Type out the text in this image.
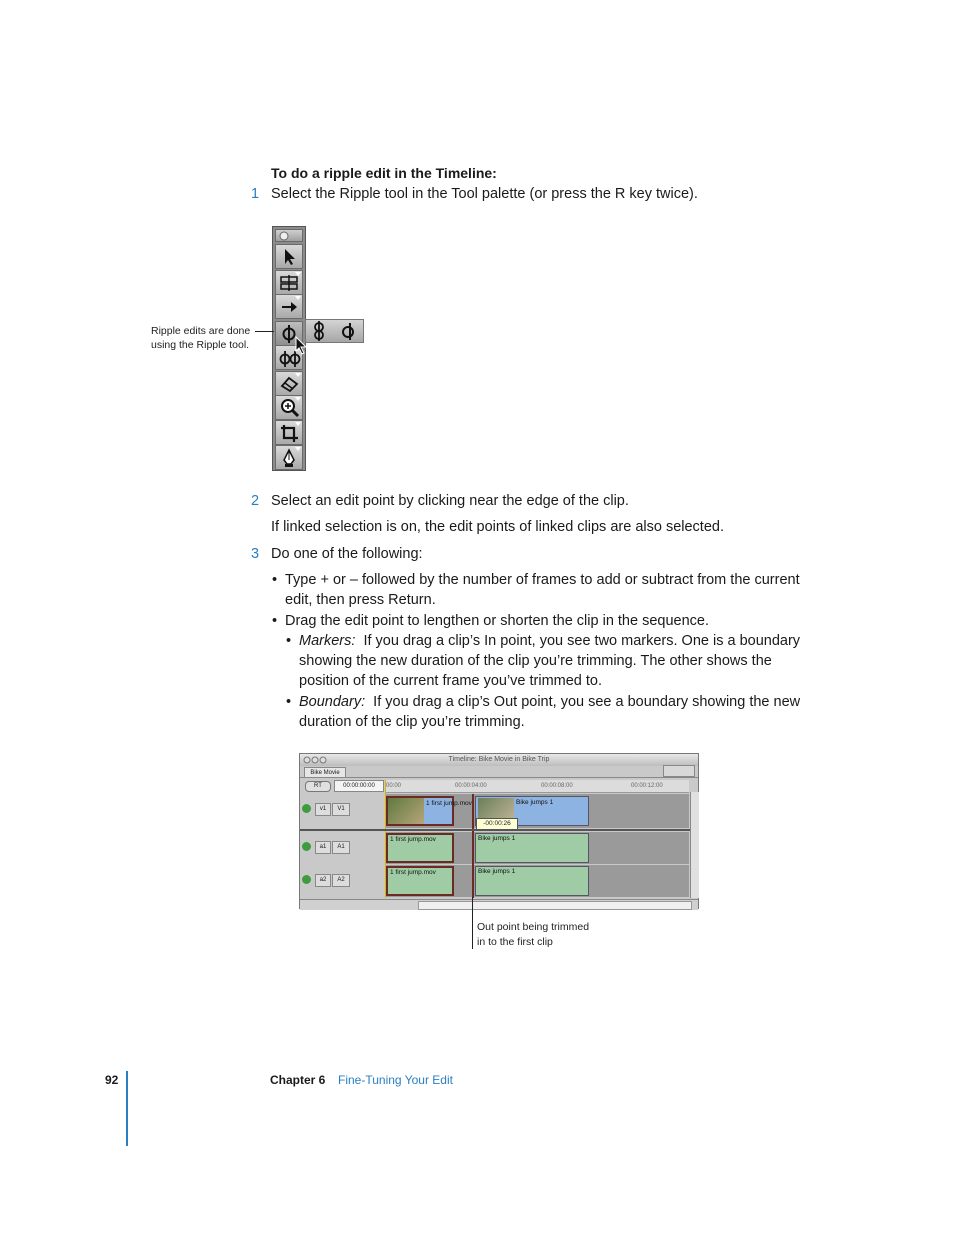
To do a ripple edit in the Timeline:
1 Select the Ripple tool in the Tool palette (or press the R key twice).
Ripple edits are done
using the Ripple tool.
2 Select an edit point by clicking near the edge of the clip.
If linked selection is on, the edit points of linked clips are also selected.
3 Do one of the following:
• Type + or – followed by the number of frames to add or subtract from the current
edit, then press Return.
• Drag the edit point to lengthen or shorten the clip in the sequence.
• Markers: If you drag a clip’s In point, you see two markers. One is a boundary
showing the new duration of the clip you’re trimming. The other shows the
position of the current frame you’ve trimmed to.
• Boundary: If you drag a clip’s Out point, you see a boundary showing the new
duration of the clip you’re trimming.
Timeline: Bike Movie in Bike Trip
Bike Movie
RT	00:00:00:00	00:00	00:00:04:00	00:00:08:00	00:00:12:00
v1	V1
a1	A1
a2	A2
1 first jump.mov	Bike jumps 1
-00:00:26
1 first jump.mov	Bike jumps 1
1 first jump.mov	Bike jumps 1
Out point being trimmed
in to the first clip
92	Chapter 6 Fine-Tuning Your Edit
